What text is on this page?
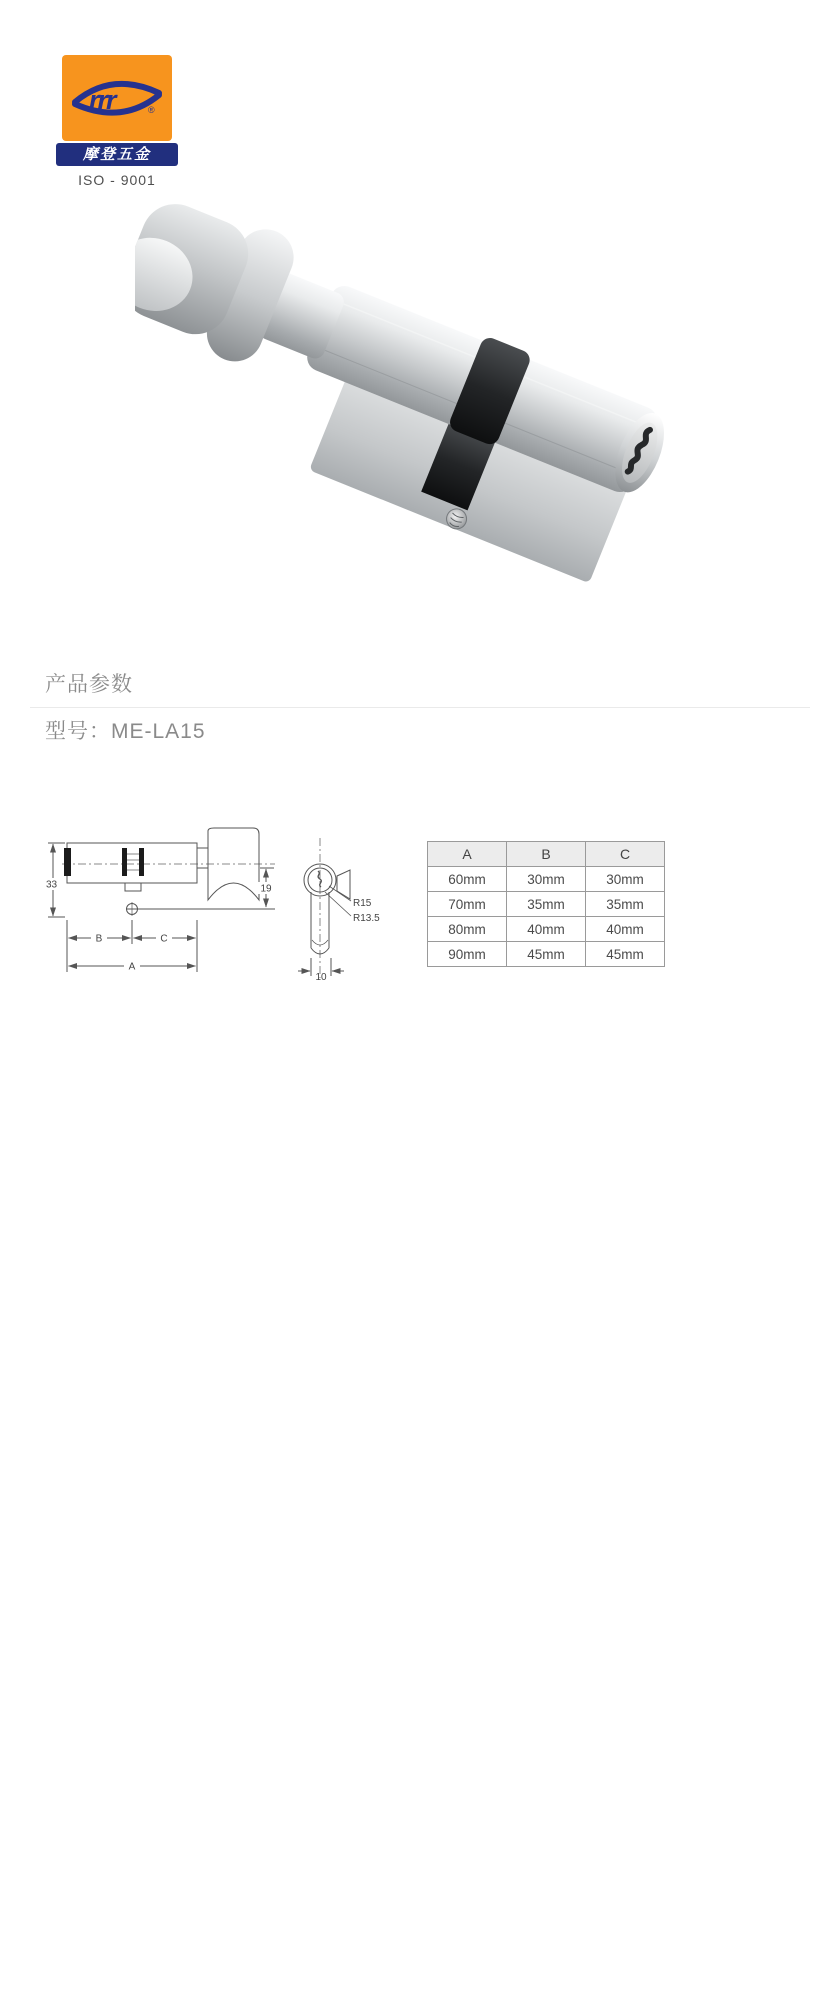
rrr	®
摩登五金
ISO - 9001
产品参数
型号：ME-LA15
33	19
B	C
A
10
R15
R13.5
A	B	C
60mm	30mm	30mm
70mm	35mm	35mm
80mm	40mm	40mm
90mm	45mm	45mm
